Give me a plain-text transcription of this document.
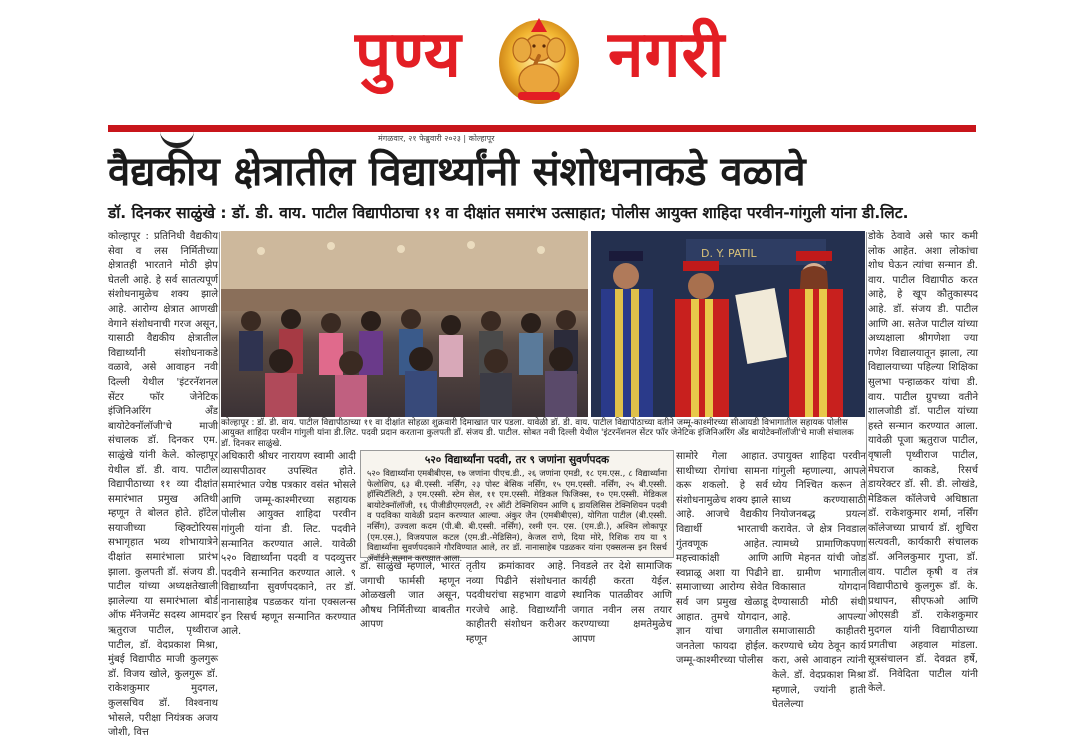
पुण्य नगरी
मंगळवार, २१ फेब्रुवारी २०२३ | कोल्हापूर
वैद्यकीय क्षेत्रातील विद्यार्थ्यांनी संशोधनाकडे वळावे
डॉ. दिनकर साळुंखे : डॉ. डी. वाय. पाटील विद्यापीठाचा ११ वा दीक्षांत समारंभ उत्साहात; पोलीस आयुक्त शाहिदा परवीन-गांगुली यांना डी.लिट.
कोल्हापूर : प्रतिनिधी वैद्यकीय सेवा व लस निर्मितीच्या क्षेत्रातही भारताने मोठी झेप घेतली आहे. हे सर्व सातत्यपूर्ण संशोधनामुळेच शक्य झाले आहे. आरोग्य क्षेत्रात आणखी वेगाने संशोधनाची गरज असून, यासाठी वैद्यकीय क्षेत्रातील विद्यार्थ्यांनी संशोधनाकडे वळावे, असे आवाहन नवी दिल्ली येथील 'इंटरनॅशनल सेंटर फॉर जेनेटिक इंजिनिअरिंग अँड बायोटेक्नॉलॉजी'चे माजी संचालक डॉ. दिनकर एम. साळुंखे यांनी केले. कोल्हापूर येथील डॉ. डी. वाय. पाटील विद्यापीठाच्या ११ व्या दीक्षांत समारंभात प्रमुख अतिथी म्हणून ते बोलत होते. हॉटेल सयाजीच्या व्हिक्टोरियस सभागृहात भव्य शोभायात्रेने दीक्षांत समारंभाला प्रारंभ झाला. कुलपती डॉ. संजय डी. पाटील यांच्या अध्यक्षतेखाली झालेल्या या समारंभाला बोर्ड ऑफ मॅनेजमेंट सदस्य आमदार ऋतुराज पाटील, पृथ्वीराज पाटील, डॉ. वेदप्रकाश मिश्रा, मुंबई विद्यापीठ माजी कुलगुरू डॉ. विजय खोले, कुलगुरू डॉ. राकेशकुमार मुदगल, कुलसचिव डॉ. विश्वनाथ भोसले, परीक्षा नियंत्रक अजय जोशी, वित्त
D. Y. PATIL
कोल्हापूर : डॉ. डी. वाय. पाटील विद्यापीठाच्या ११ वा दीक्षांत सोहळा शुक्रवारी दिमाखात पार पडला. यावेळी डॉ. डी. वाय. पाटील विद्यापीठाच्या वतीने जम्मू-काश्मीरच्या सीआयडी विभागातील सहायक पोलीस आयुक्त शाहिदा परवीन गांगुली यांना डी.लिट. पदवी प्रदान करताना कुलपती डॉ. संजय डी. पाटील. सोबत नवी दिल्ली येथील 'इंटरनॅशनल सेंटर फॉर जेनेटिक इंजिनिअरिंग अँड बायोटेक्नॉलॉजी'चे माजी संचालक डॉ. दिनकर साळुंखे.
अधिकारी श्रीधर नारायण स्वामी आदी व्यासपीठावर उपस्थित होते. समारंभात ज्येष्ठ पत्रकार वसंत भोसले आणि जम्मू-काश्मीरच्या सहायक पोलीस आयुक्त शाहिदा परवीन गांगुली यांना डी. लिट. पदवीने सन्मानित करण्यात आले. यावेळी ५२० विद्यार्थ्यांना पदवी व पदव्युत्तर पदवीने सन्मानित करण्यात आले. ९ विद्यार्थ्यांना सुवर्णपदकाने, तर डॉ. नानासाहेब पडळकर यांना एक्सलन्स इन रिसर्च म्हणून सन्मानित करण्यात आले.
५२० विद्यार्थ्यांना पदवी, तर ९ जणांना सुवर्णपदक
५२० विद्यार्थ्यांना एमबीबीएस, १७ जणांना पीएच.डी., २६ जणांना एमडी, १८ एम.एस., ८ विद्यार्थ्यांना फेलोशिप, ६३ बी.एस्सी. नर्सिंग, २३ पोस्ट बेसिक नर्सिंग, १५ एम.एस्सी. नर्सिंग, २५ बी.एस्सी. हॉस्पिटॅलिटी, ३ एम.एस्सी. स्टेम सेल, ११ एम.एस्सी. मेडिकल फिजिक्स, १० एम.एस्सी. मेडिकल बायोटेक्नॉलॉजी, १६ पीजीडीएमएलटी, २१ ऑटी टेक्निशियन आणि ६ डायलिसिस टेक्निशियन पदवी व पदविका यावेळी प्रदान करण्यात आल्या. अंकुर जैन (एमबीबीएस), योगिता पाटील (बी.एस्सी. नर्सिंग), उज्वला कदम (पी.बी. बी.एस्सी. नर्सिंग), रश्मी एन. एस. (एम.डी.), अश्विन लोकापूर (एम.एस.), विजयपाल कटल (एम.डी.-मेडिसिन), केजल राणे, दिया मोरे, रिशिक राय या ९ विद्यार्थ्यांना सुवर्णपदकाने गौरविण्यात आले, तर डॉ. नानासाहेब पडळकर यांना एक्सलन्स इन रिसर्च ॲवॉर्डने सन्मान करण्यात आला.
डॉ. साळुंखे म्हणाले, भारत जगाची फार्मसी म्हणून ओळखली जात असून, औषध निर्मितीच्या बाबतीत आपण
तृतीय क्रमांकावर आहे. नव्या पिढीने संशोधनात पदवीधरांचा सहभाग वाढणे गरजेचे आहे. विद्यार्थ्यांनी काहीतरी संशोधन करीअर म्हणून
निवडले तर देशे सामाजिक कार्यही करता येईल. स्थानिक पातळीवर आणि जगात नवीन लस तयार करण्याच्या क्षमतेमुळेच आपण
सामोरे गेला आहात. साथीच्या रोगांचा सामना करू शकलो. हे सर्व संशोधनामुळेच शक्य झाले आहे. आजचे वैद्यकीय विद्यार्थी भारताची गुंतवणूक आहेत. महत्त्वाकांक्षी आणि स्वप्नाळू अशा या पिढीने समाजाच्या आरोग्य सेवेत सर्व जग प्रमुख खेळाडू आहात. तुमचे योगदान, ज्ञान यांचा जगातील जनतेला फायदा होईल. जम्मू-काश्मीरच्या पोलीस
उपायुक्त शाहिदा परवीन गांगुली म्हणाल्या, आपले ध्येय निश्चित करून ते साध्य करण्यासाठी नियोजनबद्ध प्रयत्न करावेत. जे क्षेत्र निवडाल त्यामध्ये प्रामाणिकपणा आणि मेहनत यांची जोड द्या. ग्रामीण भागातील विकासात योगदान देण्यासाठी मोठी संधी आहे. आपल्या समाजासाठी काहीतरी करण्याचे ध्येय ठेवून कार्य करा, असे आवाहन त्यांनी केले. डॉ. वेदप्रकाश मिश्रा म्हणाले, ज्यांनी हाती घेतलेल्या
डोके ठेवावे असे फार कमी लोक आहेत. अशा लोकांचा शोध घेऊन त्यांचा सन्मान डी. वाय. पाटील विद्यापीठ करत आहे, हे खूप कौतुकास्पद आहे. डॉ. संजय डी. पाटील आणि आ. सतेज पाटील यांच्या अध्यक्षाला श्रीगणेशा ज्या गणेश विद्यालयातून झाला, त्या विद्यालयाच्या पहिल्या शिक्षिका सुलभा पन्हाळकर यांचा डी. वाय. पाटील ग्रुपच्या वतीने शालजोडी डॉ. पाटील यांच्या हस्ते सन्मान करण्यात आला. यावेळी पूजा ऋतुराज पाटील, वृषाली पृथ्वीराज पाटील, मेघराज काकडे, रिसर्च डायरेक्टर डॉ. सी. डी. लोखंडे, मेडिकल कॉलेजचे अधिष्ठाता डॉ. राकेशकुमार शर्मा, नर्सिंग कॉलेजच्या प्राचार्य डॉ. शुचिरा सत्यवती, कार्यकारी संचालक डॉ. अनिलकुमार गुप्ता, डॉ. वाय. पाटील कृषी व तंत्र विद्यापीठाचे कुलगुरू डॉ. के. प्रथापन, सीएफओ आणि ओएसडी डॉ. राकेशकुमार मुदगल यांनी विद्यापीठाच्या प्रगतीचा अहवाल मांडला. सूत्रसंचालन डॉ. देवव्रत हर्षे, डॉ. निवेदिता पाटील यांनी केले.
